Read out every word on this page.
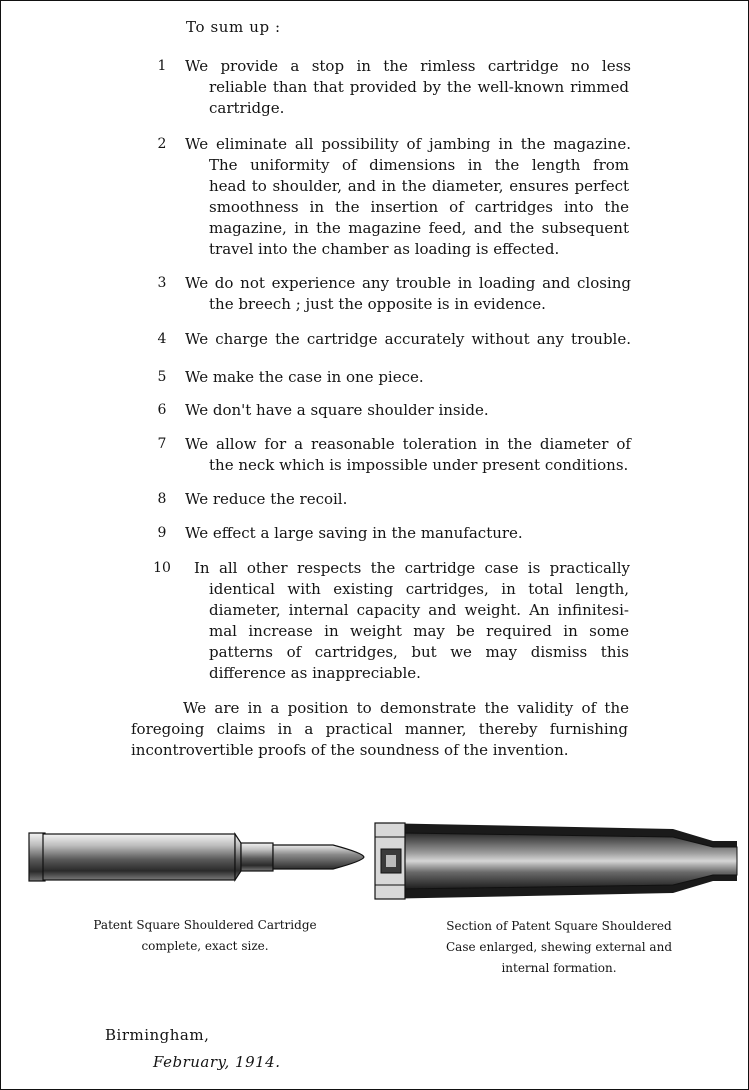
To sum up :
1	We provide a stop in the rimless cartridge no less
reliable than that provided by the well-known rimmed
cartridge.
2	We eliminate all possibility of jambing in the magazine.
The uniformity of dimensions in the length from
head to shoulder, and in the diameter, ensures perfect
smoothness in the insertion of cartridges into the
magazine, in the magazine feed, and the subsequent
travel into the chamber as loading is effected.
3	We do not experience any trouble in loading and closing
the breech ; just the opposite is in evidence.
4	We charge the cartridge accurately without any trouble.
5	We make the case in one piece.
6	We don't have a square shoulder inside.
7	We allow for a reasonable toleration in the diameter of
the neck which is impossible under present conditions.
8	We reduce the recoil.
9	We effect a large saving in the manufacture.
10	In all other respects the cartridge case is practically
identical with existing cartridges, in total length,
diameter, internal capacity and weight. An infinitesi-
mal increase in weight may be required in some
patterns of cartridges, but we may dismiss this
difference as inappreciable.
We are in a position to demonstrate the validity of the
foregoing claims in a practical manner, thereby furnishing
incontrovertible proofs of the soundness of the invention.
Patent Square Shouldered Cartridge
complete, exact size.
Section of Patent Square Shouldered
Case enlarged, shewing external and
internal formation.
Birmingham,
February, 1914.
